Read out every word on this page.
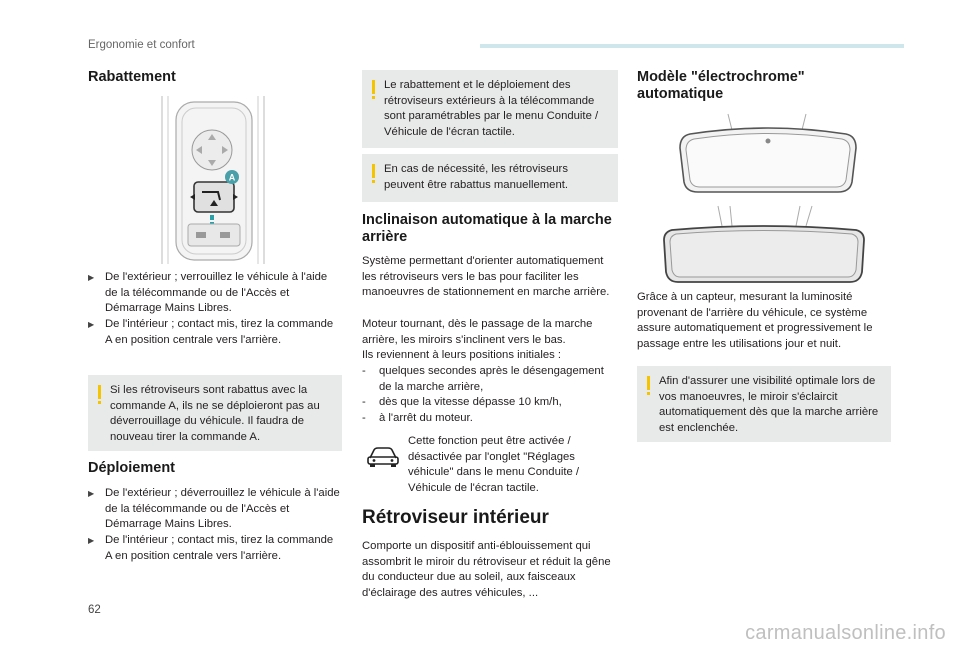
Ergonomie et confort
Rabattement
A
▶ De l'extérieur ; verrouillez le véhicule à l'aide de la télécommande ou de l'Accès et Démarrage Mains Libres.
▶ De l'intérieur ; contact mis, tirez la commande A en position centrale vers l'arrière.
Si les rétroviseurs sont rabattus avec la commande A, ils ne se déploieront pas au déverrouillage du véhicule. Il faudra de nouveau tirer la commande A.
Déploiement
▶ De l'extérieur ; déverrouillez le véhicule à l'aide de la télécommande ou de l'Accès et Démarrage Mains Libres.
▶ De l'intérieur ; contact mis, tirez la commande A en position centrale vers l'arrière.
Le rabattement et le déploiement des rétroviseurs extérieurs à la télécommande sont paramétrables par le menu Conduite / Véhicule de l'écran tactile.
En cas de nécessité, les rétroviseurs peuvent être rabattus manuellement.
Inclinaison automatique à la marche arrière
Système permettant d'orienter automatiquement les rétroviseurs vers le bas pour faciliter les manoeuvres de stationnement en marche arrière.
Moteur tournant, dès le passage de la marche arrière, les miroirs s'inclinent vers le bas.
Ils reviennent à leurs positions initiales :
- quelques secondes après le désengagement de la marche arrière,
- dès que la vitesse dépasse 10 km/h,
- à l'arrêt du moteur.
Cette fonction peut être activée / désactivée par l'onglet "Réglages véhicule" dans le menu Conduite / Véhicule de l'écran tactile.
Rétroviseur intérieur
Comporte un dispositif anti-éblouissement qui assombrit le miroir du rétroviseur et réduit la gêne du conducteur due au soleil, aux faisceaux d'éclairage des autres véhicules, ...
Modèle "électrochrome" automatique
Grâce à un capteur, mesurant la luminosité provenant de l'arrière du véhicule, ce système assure automatiquement et progressivement le passage entre les utilisations jour et nuit.
Afin d'assurer une visibilité optimale lors de vos manoeuvres, le miroir s'éclaircit automatiquement dès que la marche arrière est enclenchée.
62
carmanualsonline.info
